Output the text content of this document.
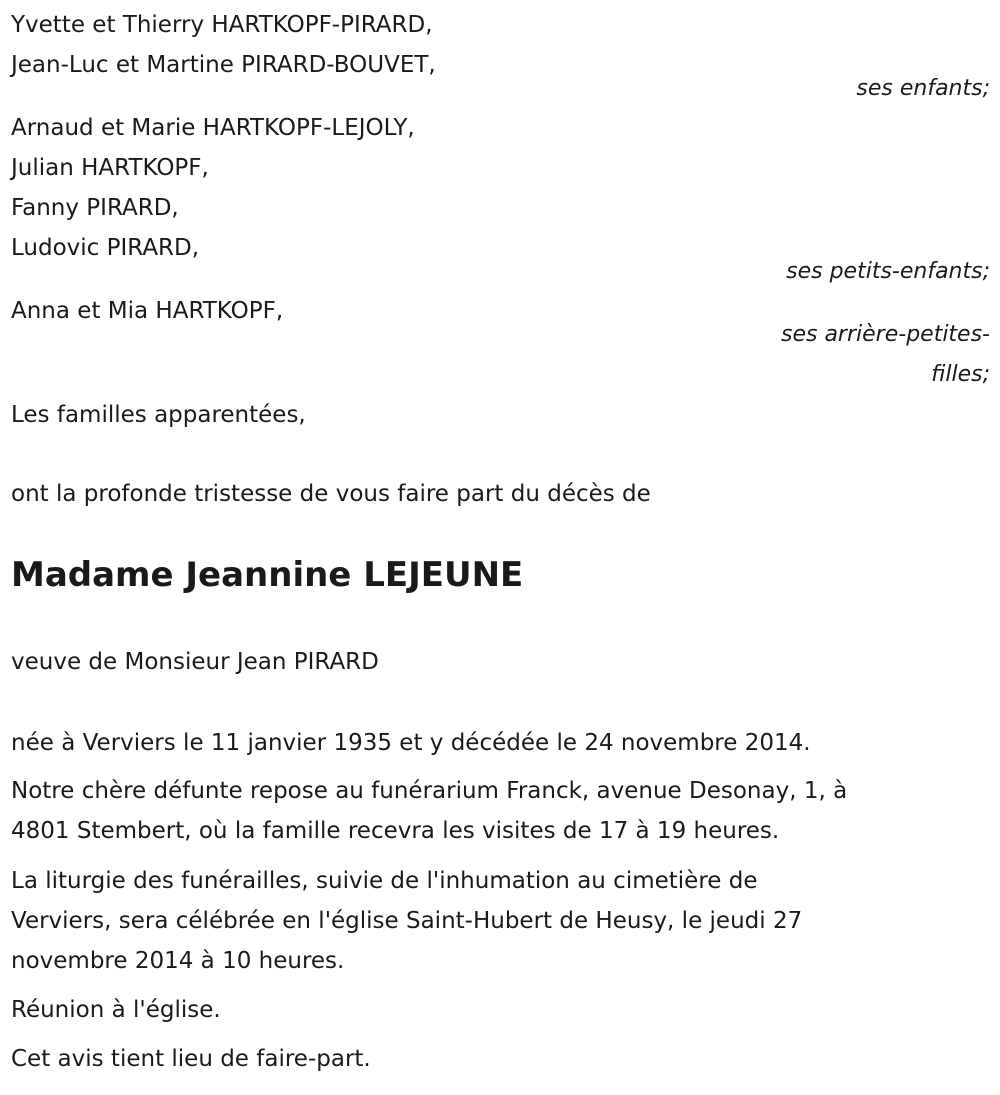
Yvette et Thierry HARTKOPF-PIRARD,
Jean-Luc et Martine PIRARD-BOUVET,
ses enfants;
Arnaud et Marie HARTKOPF-LEJOLY,
Julian HARTKOPF,
Fanny PIRARD,
Ludovic PIRARD,
ses petits-enfants;
Anna et Mia HARTKOPF,
ses arrière-petites-
filles;
Les familles apparentées,
ont la profonde tristesse de vous faire part du décès de
Madame Jeannine LEJEUNE
veuve de Monsieur Jean PIRARD
née à Verviers le 11 janvier 1935 et y décédée le 24 novembre 2014.
Notre chère défunte repose au funérarium Franck, avenue Desonay, 1, à
4801 Stembert, où la famille recevra les visites de 17 à 19 heures.
La liturgie des funérailles, suivie de l'inhumation au cimetière de
Verviers, sera célébrée en l'église Saint-Hubert de Heusy, le jeudi 27
novembre 2014 à 10 heures.
Réunion à l'église.
Cet avis tient lieu de faire-part.
